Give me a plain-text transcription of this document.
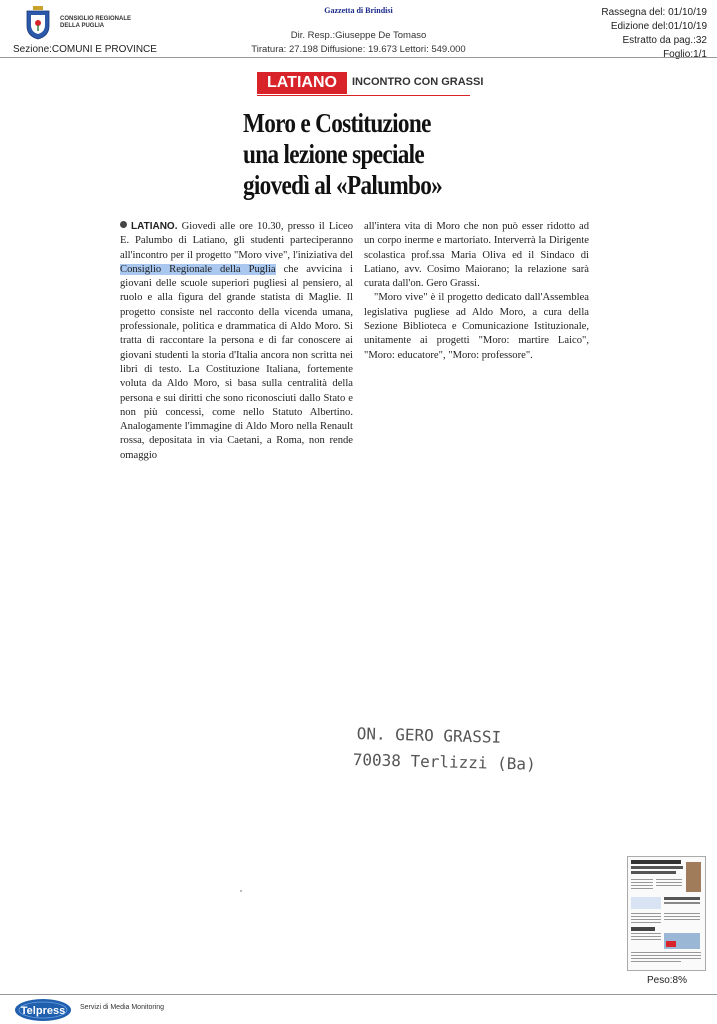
CONSIGLIO REGIONALE
DELLA PUGLIA
Gazzetta di Brindisi
Dir. Resp.:Giuseppe De Tomaso
Tiratura: 27.198 Diffusione: 19.673 Lettori: 549.000
Sezione:COMUNI E PROVINCE
Rassegna del: 01/10/19
Edizione del:01/10/19
Estratto da pag.:32
Foglio:1/1
LATIANO	INCONTRO CON GRASSI
Moro e Costituzione
una lezione speciale
giovedì al «Palumbo»

LATIANO. Giovedì alle ore 10.30, presso il Liceo E. Palumbo di Latiano, gli studenti parteciperanno all'incontro per il progetto "Moro vive", l'iniziativa del Consiglio Regionale della Puglia che avvicina i giovani delle scuole superiori pugliesi al pensiero, al ruolo e alla figura del grande statista di Maglie. Il progetto consiste nel racconto della vicenda umana, professionale, politica e drammatica di Aldo Moro. Si tratta di raccontare la persona e di far conoscere ai giovani studenti la storia d'Italia ancora non scritta nei libri di testo. La Costituzione Italiana, fortemente voluta da Aldo Moro, si basa sulla centralità della persona e sui diritti che sono riconosciuti dallo Stato e non più concessi, come nello Statuto Albertino. Analogamente l'immagine di Aldo Moro nella Renault rossa, depositata in via Caetani, a Roma, non rende omaggio

all'intera vita di Moro che non può esser ridotto ad un corpo inerme e martoriato. Interverrà la Dirigente scolastica prof.ssa Maria Oliva ed il Sindaco di Latiano, avv. Cosimo Maiorano; la relazione sarà curata dall'on. Gero Grassi.

"Moro vive" è il progetto dedicato dall'Assemblea legislativa pugliese ad Aldo Moro, a cura della Sezione Biblioteca e Comunicazione Istituzionale, unitamente ai progetti "Moro: martire Laico", "Moro: educatore", "Moro: professore".

ON. GERO GRASSI
70038 Terlizzi (Ba)
Peso:8%
Telpress Servizi di Media Monitoring
